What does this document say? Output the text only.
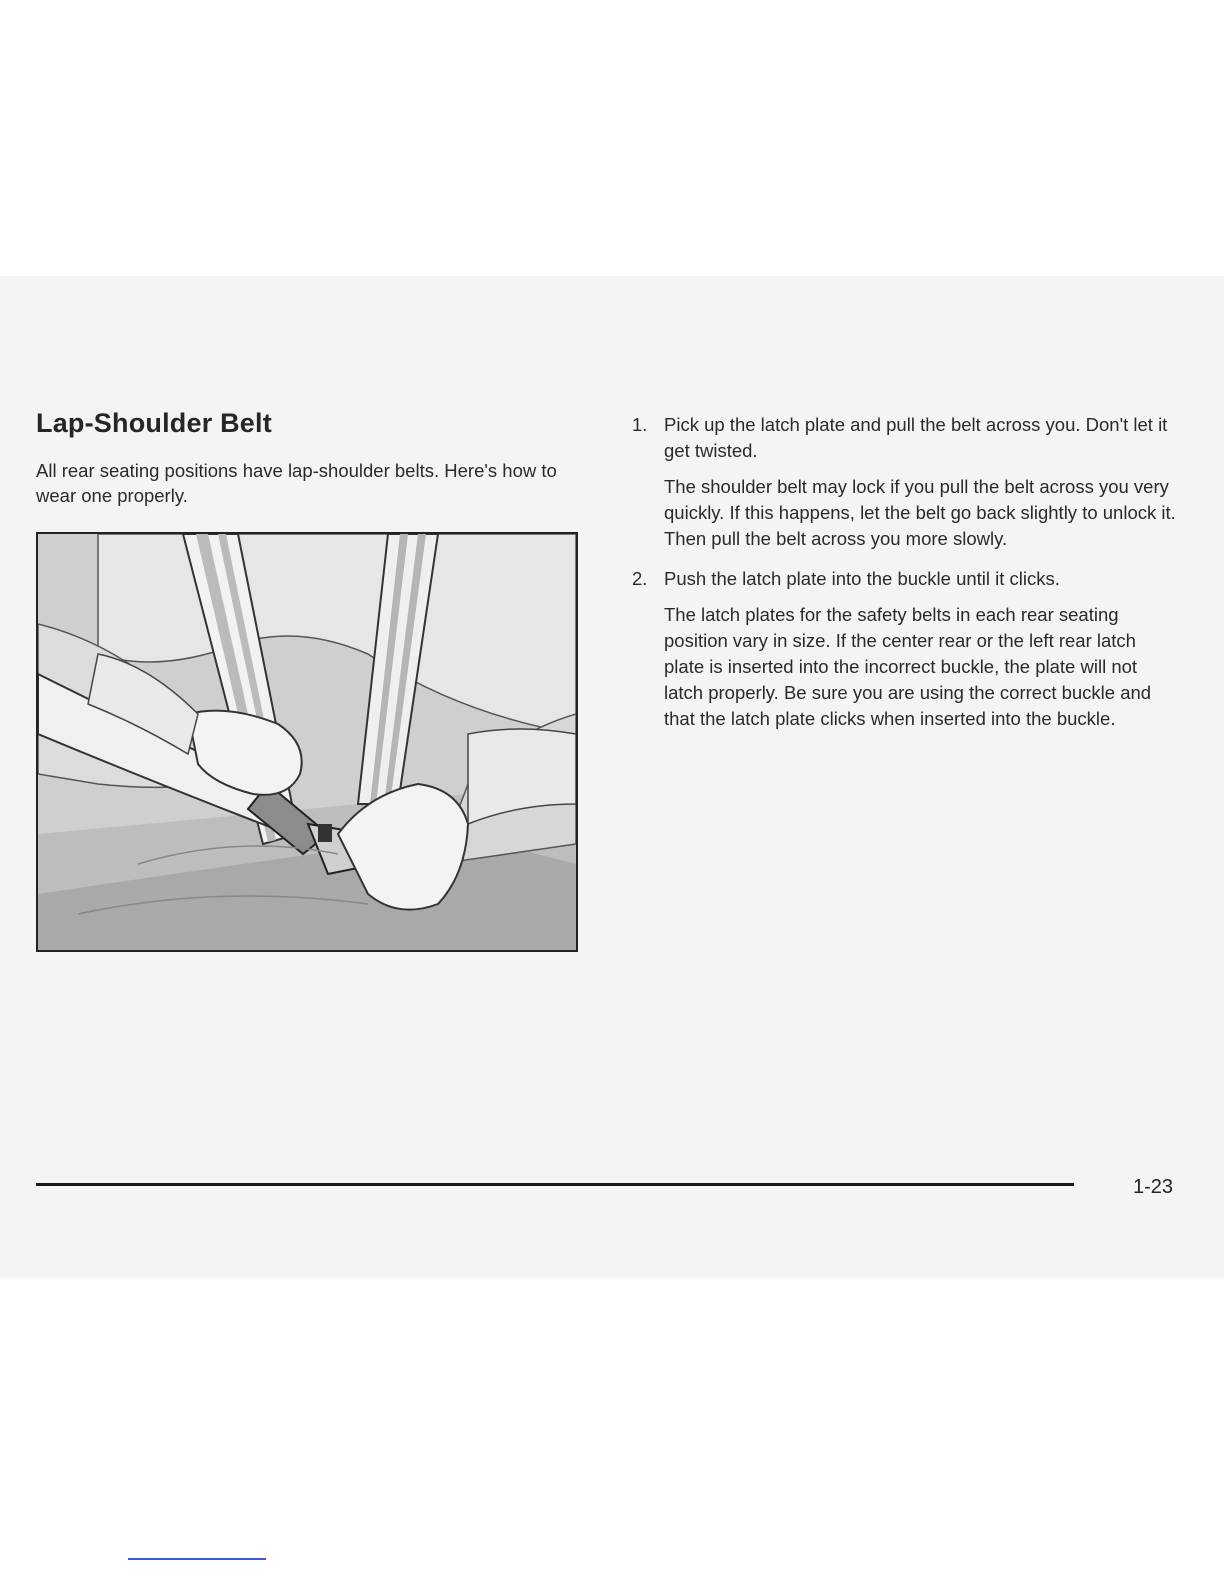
Lap-Shoulder Belt

All rear seating positions have lap-shoulder belts. Here's how to wear one properly.

1. Pick up the latch plate and pull the belt across you. Don't let it get twisted.

The shoulder belt may lock if you pull the belt across you very quickly. If this happens, let the belt go back slightly to unlock it. Then pull the belt across you more slowly.

2. Push the latch plate into the buckle until it clicks.

The latch plates for the safety belts in each rear seating position vary in size. If the center rear or the left rear latch plate is inserted into the incorrect buckle, the plate will not latch properly. Be sure you are using the correct buckle and that the latch plate clicks when inserted into the buckle.

1-23
